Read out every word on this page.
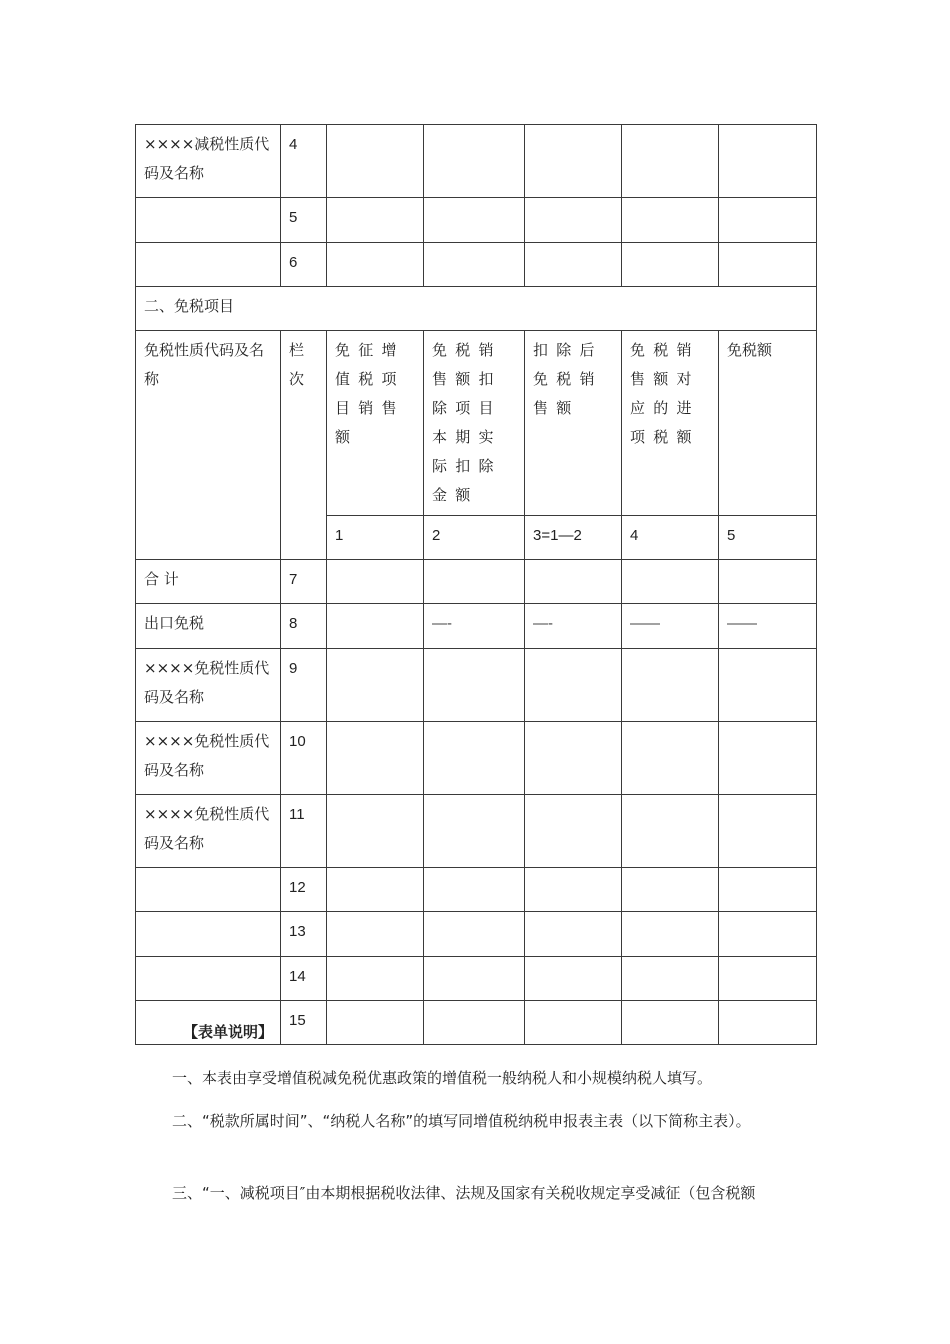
××××减税性质代码及名称	4					
	5					
	6					
二、免税项目						
免税性质代码及名称	栏次	免征增值税项目销售额	免税销售额扣除项目本期实际扣除金额	扣除后免税销售额	免税销售额对应的进项税额	免税额
		1	2	3=1—2	4	5
合 计	7					
出口免税	8		—-	—-	——	——
××××免税性质代码及名称	9					
××××免税性质代码及名称	10					
××××免税性质代码及名称	11					
	12					
	13					
	14					
	15					
【表单说明】

一、本表由享受增值税减免税优惠政策的增值税一般纳税人和小规模纳税人填写。

二、“税款所属时间”、“纳税人名称”的填写同增值税纳税申报表主表（以下简称主表）。

三、“一、减税项目″由本期根据税收法律、法规及国家有关税收规定享受减征（包含税额
